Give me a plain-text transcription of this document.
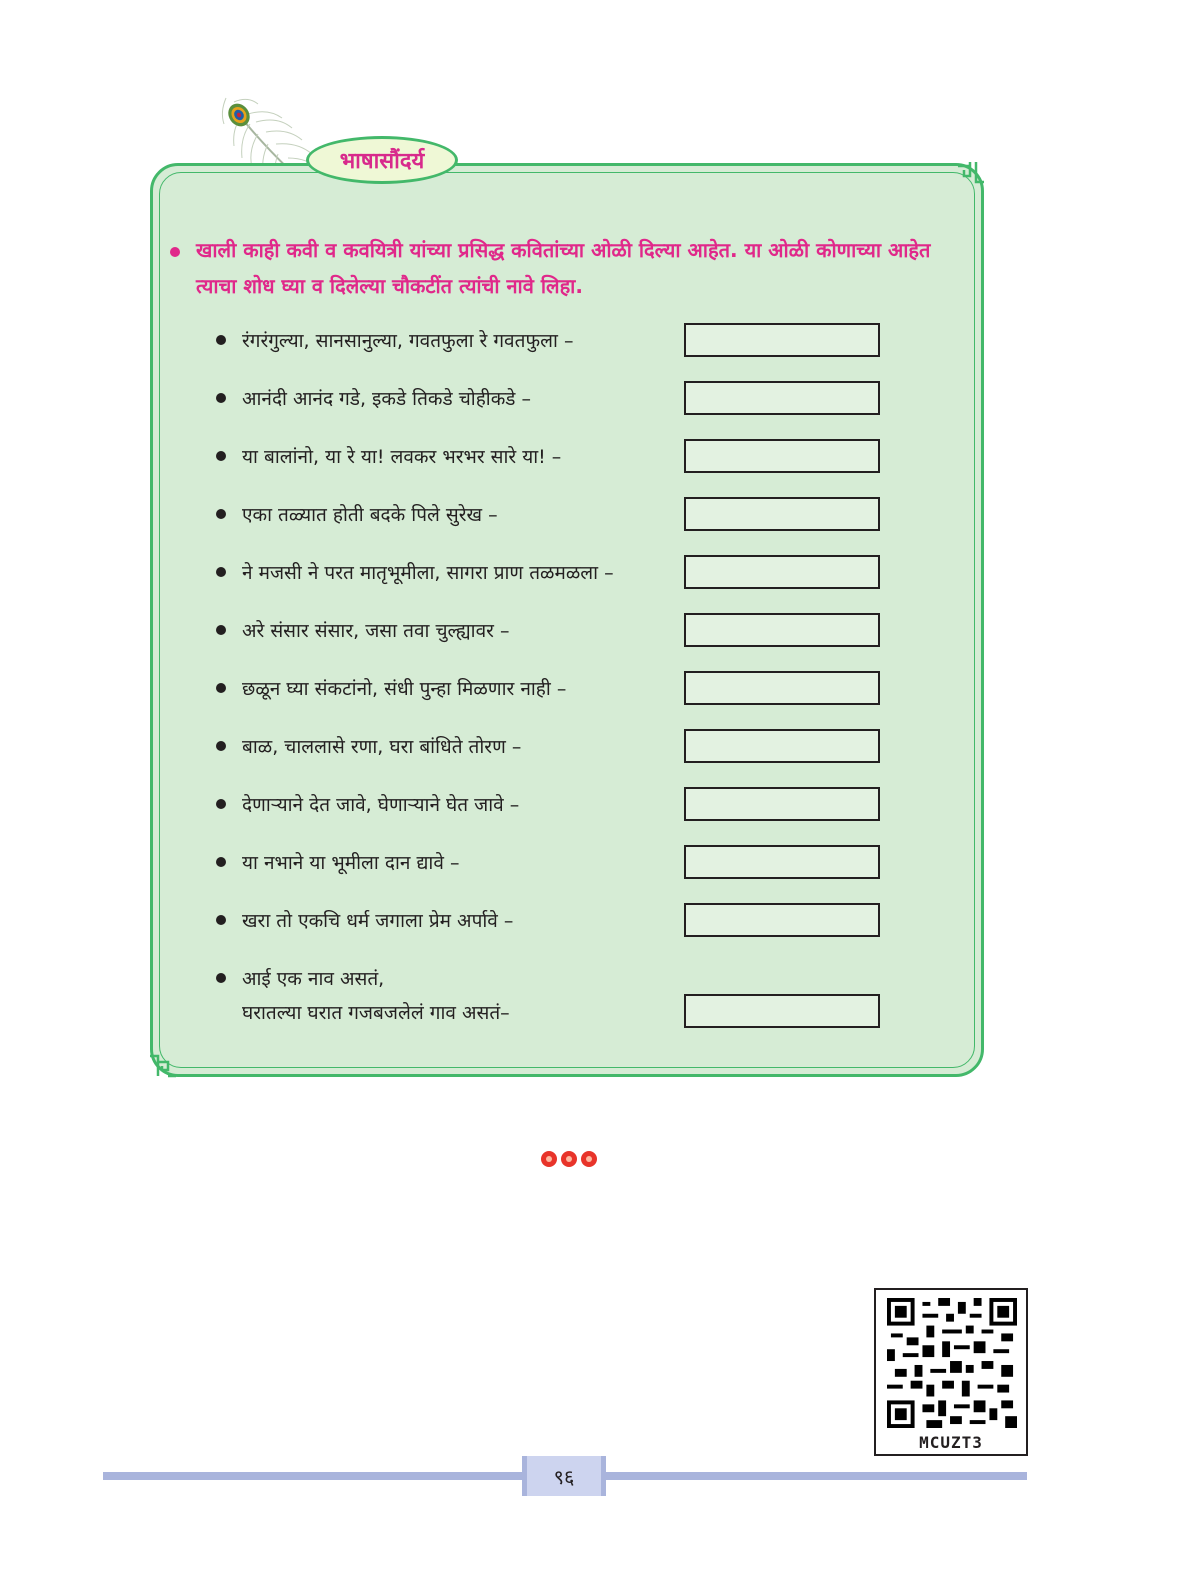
भाषासौंदर्य
खाली काही कवी व कवयित्री यांच्या प्रसिद्ध कवितांच्या ओळी दिल्या आहेत. या ओळी कोणाच्या आहेत त्याचा शोध घ्या व दिलेल्या चौकटींत त्यांची नावे लिहा.
रंगरंगुल्या, सानसानुल्या, गवतफुला रे गवतफुला –
आनंदी आनंद गडे, इकडे तिकडे चोहीकडे –
या बालांनो, या रे या! लवकर भरभर सारे या! –
एका तळ्यात होती बदके पिले सुरेख –
ने मजसी ने परत मातृभूमीला, सागरा प्राण तळमळला –
अरे संसार संसार, जसा तवा चुल्ह्यावर –
छळून घ्या संकटांनो, संधी पुन्हा मिळणार नाही –
बाळ, चाललासे रणा, घरा बांधिते तोरण –
देणाऱ्याने देत जावे, घेणाऱ्याने घेत जावे –
या नभाने या भूमीला दान द्यावे –
खरा तो एकचि धर्म जगाला प्रेम अर्पावे –
आई एक नाव असतं,
घरातल्या घरात गजबजलेलं गाव असतं–
MCUZT3
९६
